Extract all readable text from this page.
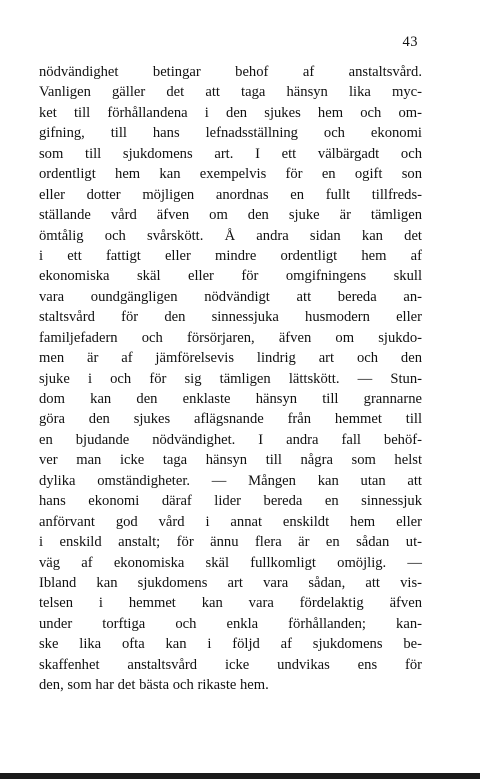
43
nödvändighet betingar behof af anstaltsvård.
Vanligen gäller det att taga hänsyn lika myc-
ket till förhållandena i den sjukes hem och om-
gifning, till hans lefnadsställning och ekonomi
som till sjukdomens art. I ett välbärgadt och
ordentligt hem kan exempelvis för en ogift son
eller dotter möjligen anordnas en fullt tillfreds-
ställande vård äfven om den sjuke är tämligen
ömtålig och svårskött. Å andra sidan kan det
i ett fattigt eller mindre ordentligt hem af
ekonomiska skäl eller för omgifningens skull
vara oundgängligen nödvändigt att bereda an-
staltsvård för den sinnessjuka husmodern eller
familjefadern och försörjaren, äfven om sjukdo-
men är af jämförelsevis lindrig art och den
sjuke i och för sig tämligen lättskött. — Stun-
dom kan den enklaste hänsyn till grannarne
göra den sjukes aflägsnande från hemmet till
en bjudande nödvändighet. I andra fall behöf-
ver man icke taga hänsyn till några som helst
dylika omständigheter. — Mången kan utan att
hans ekonomi däraf lider bereda en sinnessjuk
anförvant god vård i annat enskildt hem eller
i enskild anstalt; för ännu flera är en sådan ut-
väg af ekonomiska skäl fullkomligt omöjlig. —
Ibland kan sjukdomens art vara sådan, att vis-
telsen i hemmet kan vara fördelaktig äfven
under torftiga och enkla förhållanden; kan-
ske lika ofta kan i följd af sjukdomens be-
skaffenhet anstaltsvård icke undvikas ens för
den, som har det bästa och rikaste hem.
